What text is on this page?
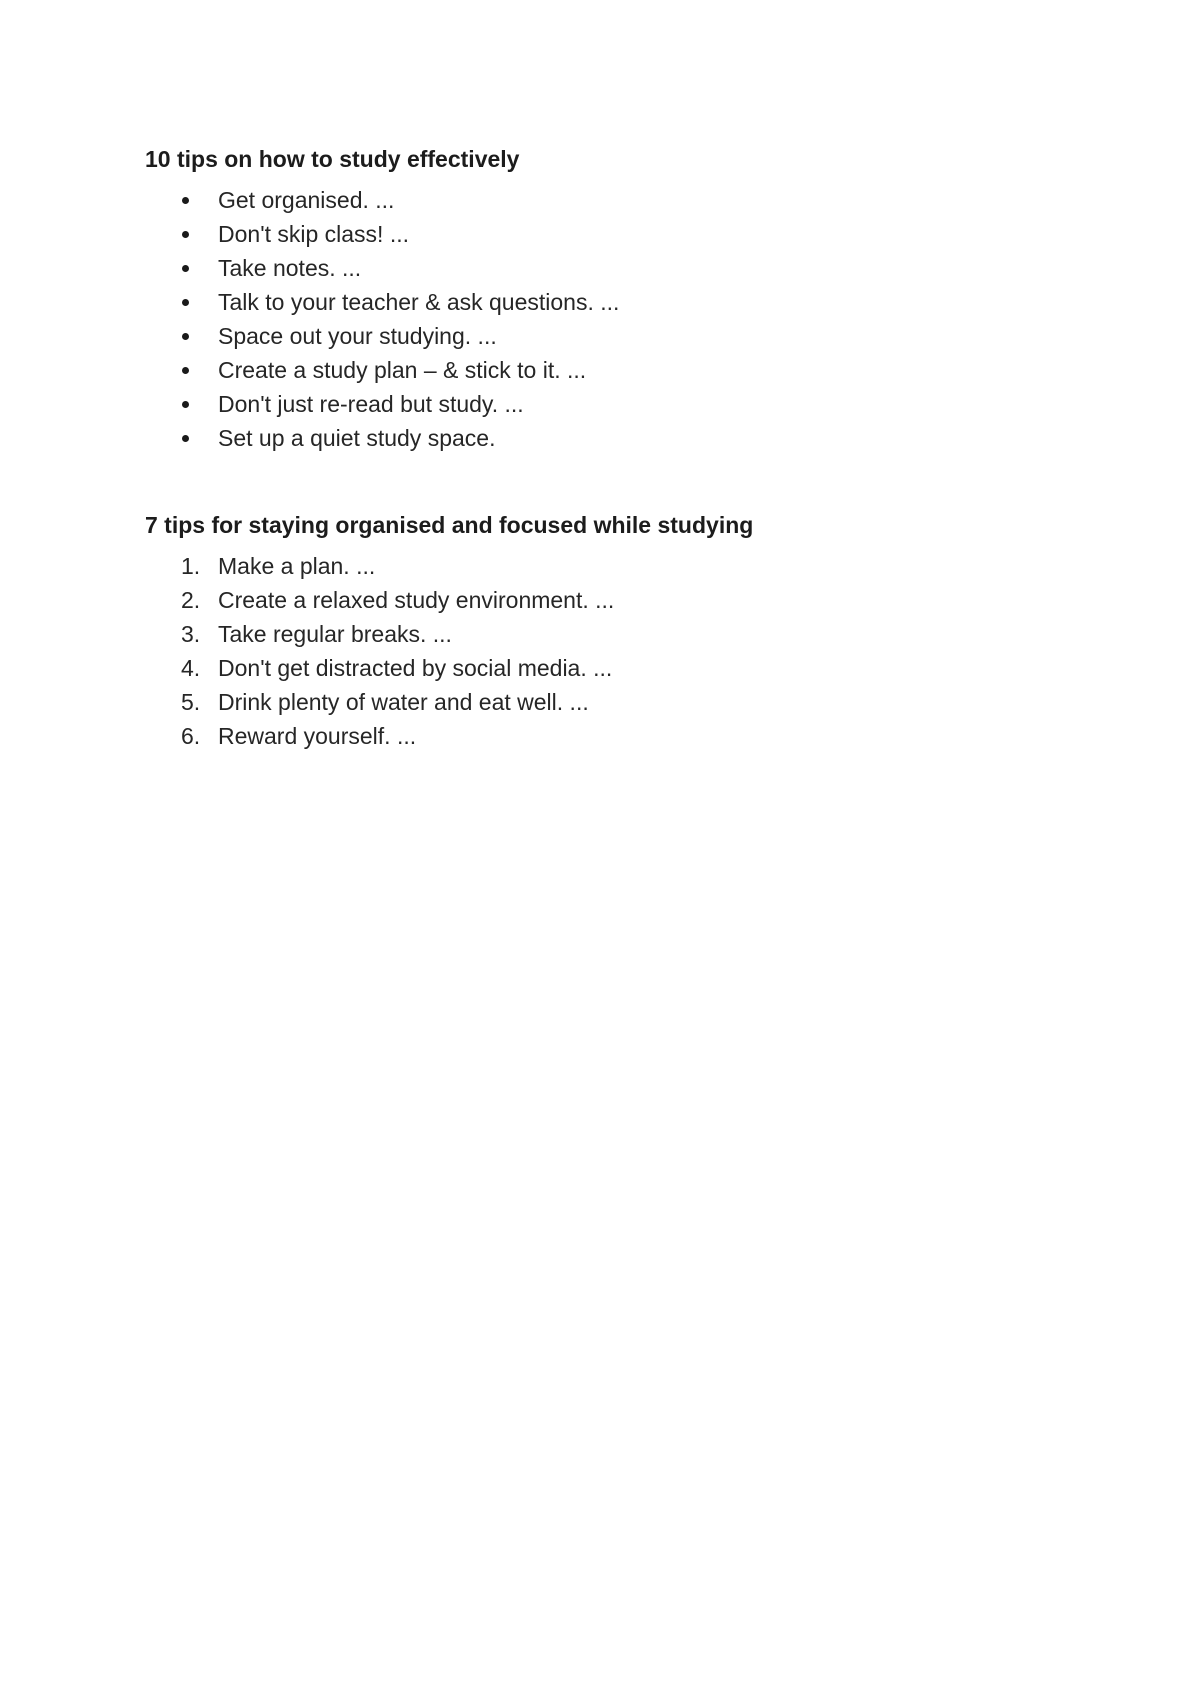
10 tips on how to study effectively
Get organised. ...
Don't skip class! ...
Take notes. ...
Talk to your teacher & ask questions. ...
Space out your studying. ...
Create a study plan – & stick to it. ...
Don't just re-read but study. ...
Set up a quiet study space.
7 tips for staying organised and focused while studying
1. Make a plan. ...
2. Create a relaxed study environment. ...
3. Take regular breaks. ...
4. Don't get distracted by social media. ...
5. Drink plenty of water and eat well. ...
6. Reward yourself. ...
